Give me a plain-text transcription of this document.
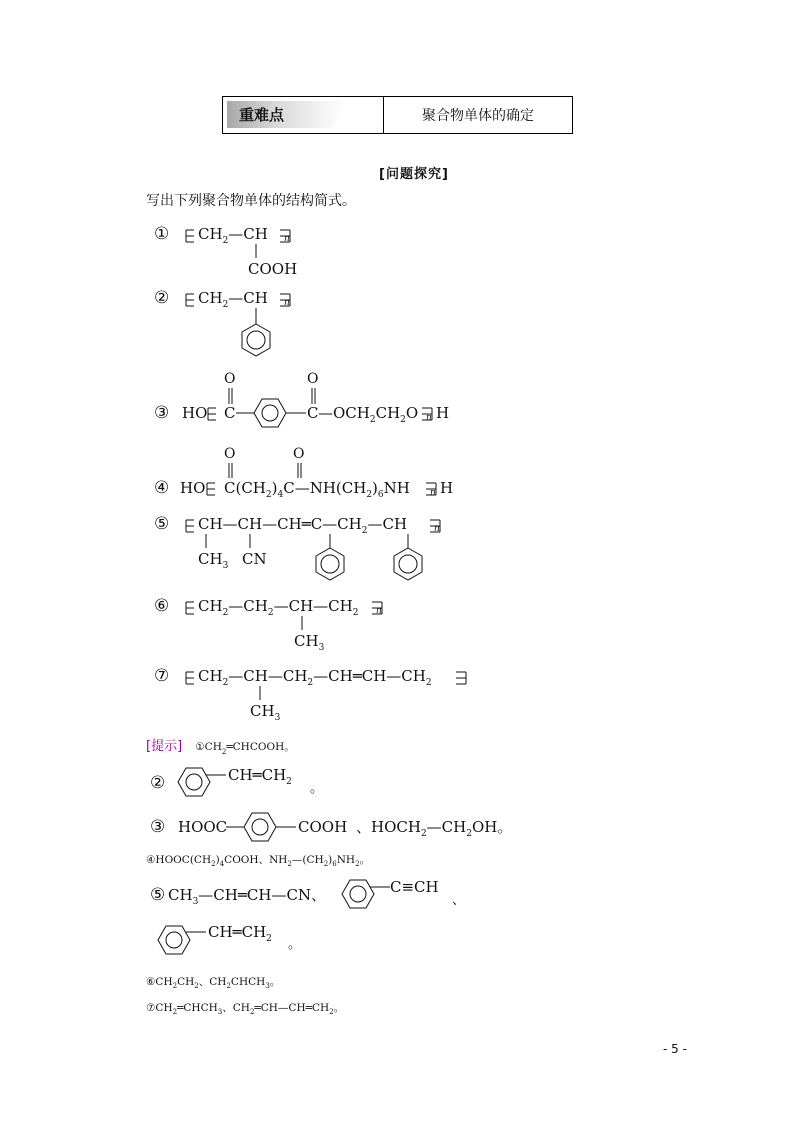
重难点	聚合物单体的确定
[问题探究]
写出下列聚合物单体的结构简式。
① $CH_2—CH$ n
COOH
② $CH_2—CH$ n
③ HO C
O
C
O
$—OCH_2CH_2O$ n H
④ HO
O	O
$C(CH_2)_4C—NH(CH_2)_6NH$ n H
⑤ $CH—CH—CH═C—CH_2—CH$	n
$CH_3$ CN
⑥ $CH_2—CH_2—CH—CH_2$ n
$CH_3$
⑦ $CH_2—CH—CH_2—CH═CH—CH_2$
$CH_3$
[提示] $①CH_2═CHCOOH$。
②	$CH═CH_2$ 。
③ HOOC	COOH 、$HOCH_2—CH_2OH$。
$④HOOC(CH_2)_4COOH$、$NH_2—(CH_2)_6NH_2$。
⑤ $CH_3—CH═CH—CN$、	C≡CH
、
$CH═CH_2$ 。
$⑥CH_2CH_2$、$CH_2CHCH_3$。
$⑦CH_2═CHCH_3$、$CH_2═CH—CH═CH_2$。
- 5 -
